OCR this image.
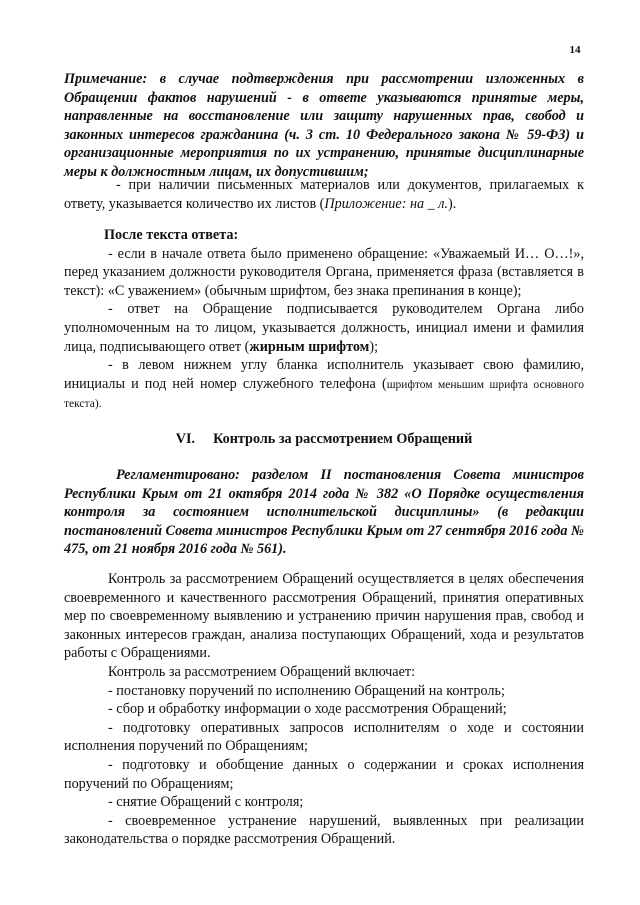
14

Примечание: в случае подтверждения при рассмотрении изложенных в Обращении фактов нарушений - в ответе указываются принятые меры, направленные на восстановление или защиту нарушенных прав, свобод и законных интересов гражданина (ч. 3 ст. 10 Федерального закона № 59-ФЗ) и организационные мероприятия по их устранению, принятые дисциплинарные меры к должностным лицам, их допустившим;

- при наличии письменных материалов или документов, прилагаемых к ответу, указывается количество их листов (Приложение: на _ л.).

После текста ответа:

- если в начале ответа было применено обращение: «Уважаемый И… О…!», перед указанием должности руководителя Органа, применяется фраза (вставляется в текст): «С уважением» (обычным шрифтом, без знака препинания в конце);

- ответ на Обращение подписывается руководителем Органа либо уполномоченным на то лицом, указывается должность, инициал имени и фамилия лица, подписывающего ответ (жирным шрифтом);

- в левом нижнем углу бланка исполнитель указывает свою фамилию, инициалы и под ней номер служебного телефона (шрифтом меньшим шрифта основного текста).

VI. Контроль за рассмотрением Обращений

Регламентировано: разделом II постановления Совета министров Республики Крым от 21 октября 2014 года № 382 «О Порядке осуществления контроля за состоянием исполнительской дисциплины» (в редакции постановлений Совета министров Республики Крым от 27 сентября 2016 года № 475, от 21 ноября 2016 года № 561).

Контроль за рассмотрением Обращений осуществляется в целях обеспечения своевременного и качественного рассмотрения Обращений, принятия оперативных мер по своевременному выявлению и устранению причин нарушения прав, свобод и законных интересов граждан, анализа поступающих Обращений, хода и результатов работы с Обращениями.

Контроль за рассмотрением Обращений включает:

- постановку поручений по исполнению Обращений на контроль;

- сбор и обработку информации о ходе рассмотрения Обращений;

- подготовку оперативных запросов исполнителям о ходе и состоянии исполнения поручений по Обращениям;

- подготовку и обобщение данных о содержании и сроках исполнения поручений по Обращениям;

- снятие Обращений с контроля;

- своевременное устранение нарушений, выявленных при реализации законодательства о порядке рассмотрения Обращений.
